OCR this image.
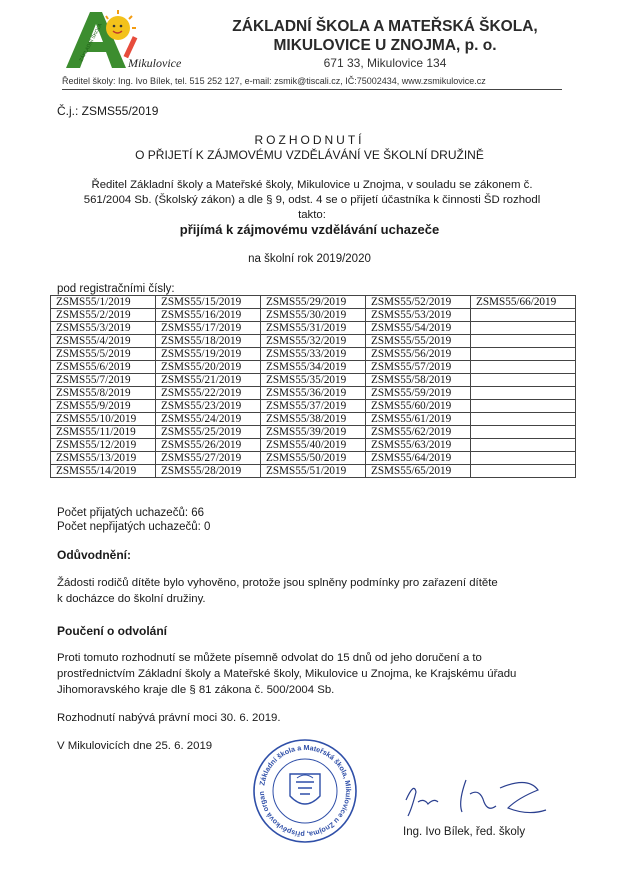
ZÁKLADNÍ ŠKOLA
Mikulovice
ZÁKLADNÍ ŠKOLA A MATEŘSKÁ ŠKOLA,
MIKULOVICE U ZNOJMA, p. o.
671 33, Mikulovice 134
Ředitel školy: Ing. Ivo Bílek, tel. 515 252 127, e-mail: zsmik@tiscali.cz, IČ:75002434, www.zsmikulovice.cz
Č.j.: ZSMS55/2019
ROZHODNUTÍ
O PŘIJETÍ K ZÁJMOVÉMU VZDĚLÁVÁNÍ VE ŠKOLNÍ DRUŽINĚ
Ředitel Základní školy a Mateřské školy, Mikulovice u Znojma, v souladu se zákonem č.
561/2004 Sb. (Školský zákon) a dle § 9, odst. 4 se o přijetí účastníka k činnosti ŠD rozhodl
takto:
přijímá k zájmovému vzdělávání uchazeče
na školní rok 2019/2020
pod registračními čísly:
ZSMS55/1/2019	ZSMS55/15/2019	ZSMS55/29/2019	ZSMS55/52/2019	ZSMS55/66/2019
ZSMS55/2/2019	ZSMS55/16/2019	ZSMS55/30/2019	ZSMS55/53/2019	
ZSMS55/3/2019	ZSMS55/17/2019	ZSMS55/31/2019	ZSMS55/54/2019	
ZSMS55/4/2019	ZSMS55/18/2019	ZSMS55/32/2019	ZSMS55/55/2019	
ZSMS55/5/2019	ZSMS55/19/2019	ZSMS55/33/2019	ZSMS55/56/2019	
ZSMS55/6/2019	ZSMS55/20/2019	ZSMS55/34/2019	ZSMS55/57/2019	
ZSMS55/7/2019	ZSMS55/21/2019	ZSMS55/35/2019	ZSMS55/58/2019	
ZSMS55/8/2019	ZSMS55/22/2019	ZSMS55/36/2019	ZSMS55/59/2019	
ZSMS55/9/2019	ZSMS55/23/2019	ZSMS55/37/2019	ZSMS55/60/2019	
ZSMS55/10/2019	ZSMS55/24/2019	ZSMS55/38/2019	ZSMS55/61/2019	
ZSMS55/11/2019	ZSMS55/25/2019	ZSMS55/39/2019	ZSMS55/62/2019	
ZSMS55/12/2019	ZSMS55/26/2019	ZSMS55/40/2019	ZSMS55/63/2019	
ZSMS55/13/2019	ZSMS55/27/2019	ZSMS55/50/2019	ZSMS55/64/2019	
ZSMS55/14/2019	ZSMS55/28/2019	ZSMS55/51/2019	ZSMS55/65/2019	
Počet přijatých uchazečů: 66
Počet nepřijatých uchazečů: 0
Odůvodnění:
Žádosti rodičů dítěte bylo vyhověno, protože jsou splněny podmínky pro zařazení dítěte
k docházce do školní družiny.
Poučení o odvolání
Proti tomuto rozhodnutí se můžete písemně odvolat do 15 dnů od jeho doručení a to
prostřednictvím Základní školy a Mateřské školy, Mikulovice u Znojma, ke Krajskému úřadu
Jihomoravského kraje dle § 81 zákona č. 500/2004 Sb.
Rozhodnutí nabývá právní moci 30. 6. 2019.
V Mikulovicích dne 25. 6. 2019
Základní škola a Mateřská škola, Mikulovice u Znojma, příspěvková organ
Ing. Ivo Bílek, řed. školy
